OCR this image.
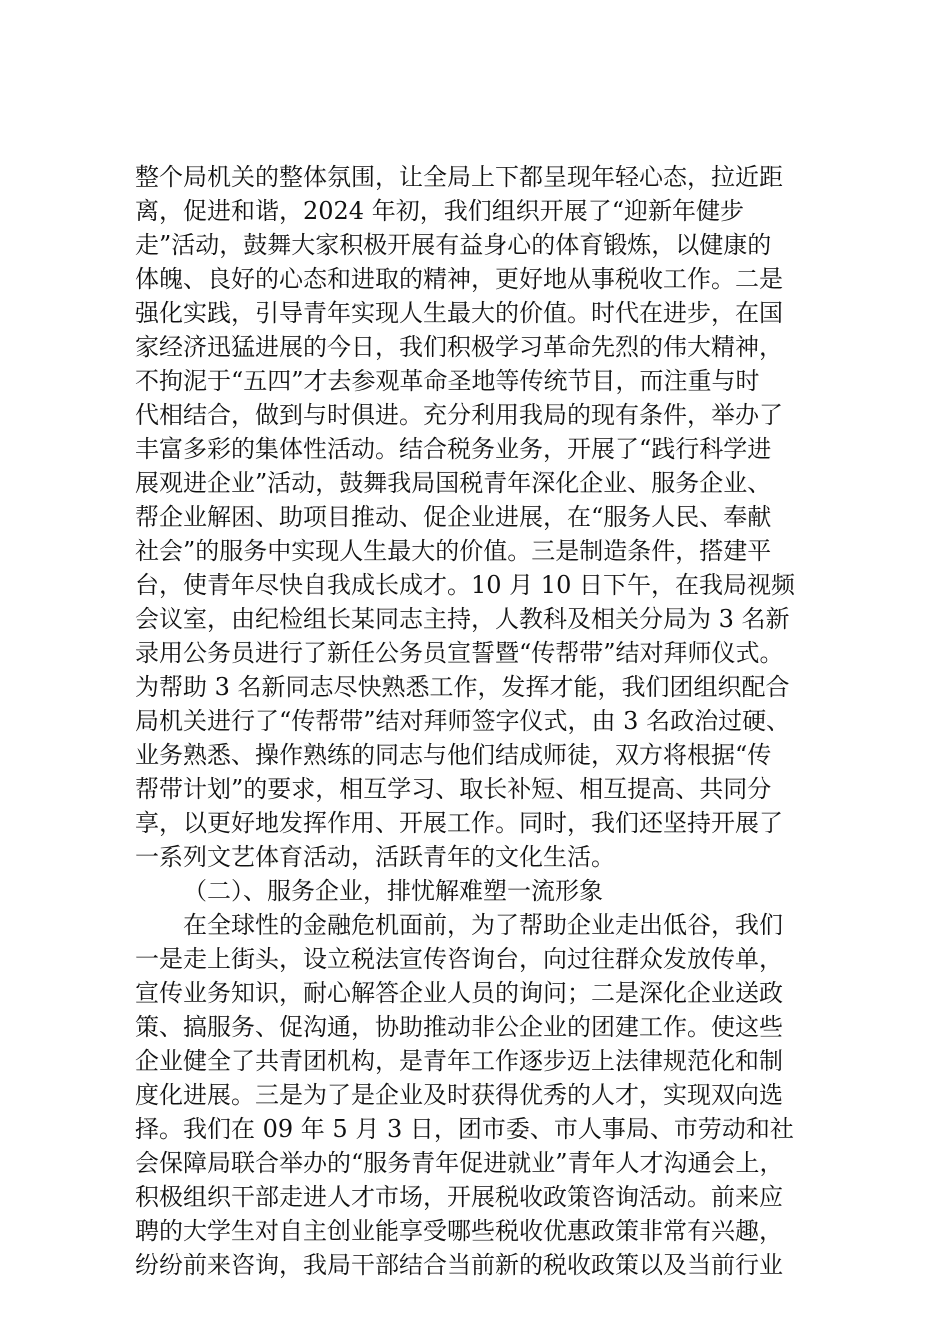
整个局机关的整体氛围，让全局上下都呈现年轻心态，拉近距
离，促进和谐，2024 年初，我们组织开展了“迎新年健步
走”活动，鼓舞大家积极开展有益身心的体育锻炼，以健康的
体魄、良好的心态和进取的精神，更好地从事税收工作。二是
强化实践，引导青年实现人生最大的价值。时代在进步，在国
家经济迅猛进展的今日，我们积极学习革命先烈的伟大精神，
不拘泥于“五四”才去参观革命圣地等传统节目，而注重与时
代相结合，做到与时俱进。充分利用我局的现有条件，举办了
丰富多彩的集体性活动。结合税务业务，开展了“践行科学进
展观进企业”活动，鼓舞我局国税青年深化企业、服务企业、
帮企业解困、助项目推动、促企业进展，在“服务人民、奉献
社会”的服务中实现人生最大的价值。三是制造条件，搭建平
台，使青年尽快自我成长成才。10 月 10 日下午，在我局视频
会议室，由纪检组长某同志主持，人教科及相关分局为 3 名新
录用公务员进行了新任公务员宣誓暨“传帮带”结对拜师仪式。
为帮助 3 名新同志尽快熟悉工作，发挥才能，我们团组织配合
局机关进行了“传帮带”结对拜师签字仪式，由 3 名政治过硬、
业务熟悉、操作熟练的同志与他们结成师徒，双方将根据“传
帮带计划”的要求，相互学习、取长补短、相互提高、共同分
享，以更好地发挥作用、开展工作。同时，我们还坚持开展了
一系列文艺体育活动，活跃青年的文化生活。
（二）、服务企业，排忧解难塑一流形象
在全球性的金融危机面前，为了帮助企业走出低谷，我们
一是走上街头，设立税法宣传咨询台，向过往群众发放传单，
宣传业务知识，耐心解答企业人员的询问；二是深化企业送政
策、搞服务、促沟通，协助推动非公企业的团建工作。使这些
企业健全了共青团机构，是青年工作逐步迈上法律规范化和制
度化进展。三是为了是企业及时获得优秀的人才，实现双向选
择。我们在 09 年 5 月 3 日，团市委、市人事局、市劳动和社
会保障局联合举办的“服务青年促进就业”青年人才沟通会上，
积极组织干部走进人才市场，开展税收政策咨询活动。前来应
聘的大学生对自主创业能享受哪些税收优惠政策非常有兴趣，
纷纷前来咨询，我局干部结合当前新的税收政策以及当前行业
